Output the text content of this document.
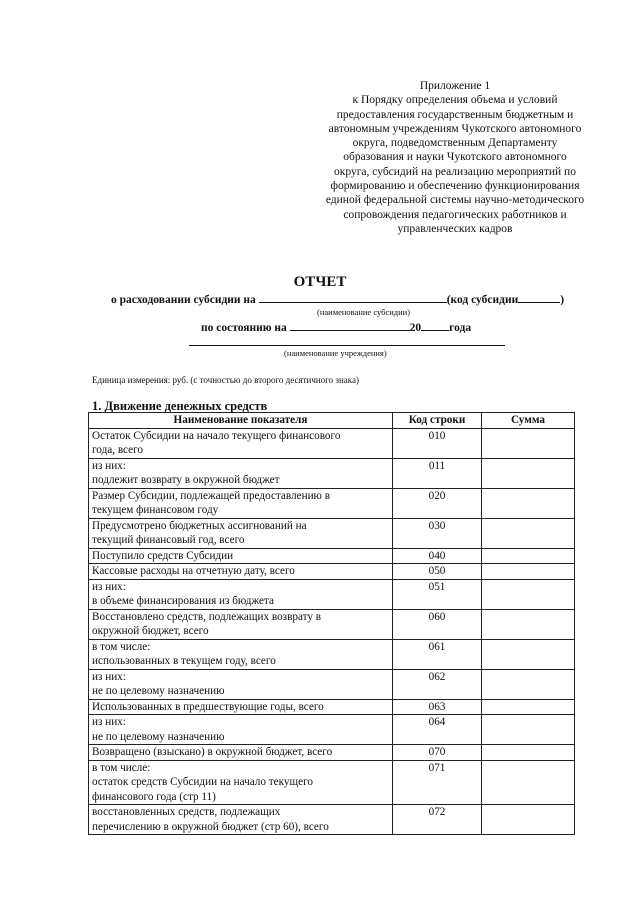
Приложение 1
к Порядку определения объема и условий
предоставления государственным бюджетным и
автономным учреждениям Чукотского автономного
округа, подведомственным Департаменту
образования и науки Чукотского автономного
округа, субсидий на реализацию мероприятий по
формированию и обеспечению функционирования
единой федеральной системы научно-методического
сопровождения педагогических работников и
управленческих кадров
ОТЧЕТ
о расходовании субсидии на	(код субсидии	)
(наименование субсидии)
по состоянию на	20 года
(наименование учреждения)
Единица измерения: руб. (с точностью до второго десятичного знака)
1. Движение денежных средств
Наименование показателя	Код строки	Сумма

Остаток Субсидии на начало текущего финансового
года, всего	010	

из них:
подлежит возврату в окружной бюджет	011	

Размер Субсидии, подлежащей предоставлению в
текущем финансовом году	020	

Предусмотрено бюджетных ассигнований на
текущий финансовый год, всего	030	

Поступило средств Субсидии	040	

Кассовые расходы на отчетную дату, всего	050	

из них:
в объеме финансирования из бюджета	051	

Восстановлено средств, подлежащих возврату в
окружной бюджет, всего	060	

в том числе:
использованных в текущем году, всего	061	

из них:
не по целевому назначению	062	

Использованных в предшествующие годы, всего	063	

из них:
не по целевому назначению	064	

Возвращено (взыскано) в окружной бюджет, всего	070	

в том числе:
остаток средств Субсидии на начало текущего
финансового года (стр 11)	071	

восстановленных средств, подлежащих
перечислению в окружной бюджет (стр 60), всего	072	
